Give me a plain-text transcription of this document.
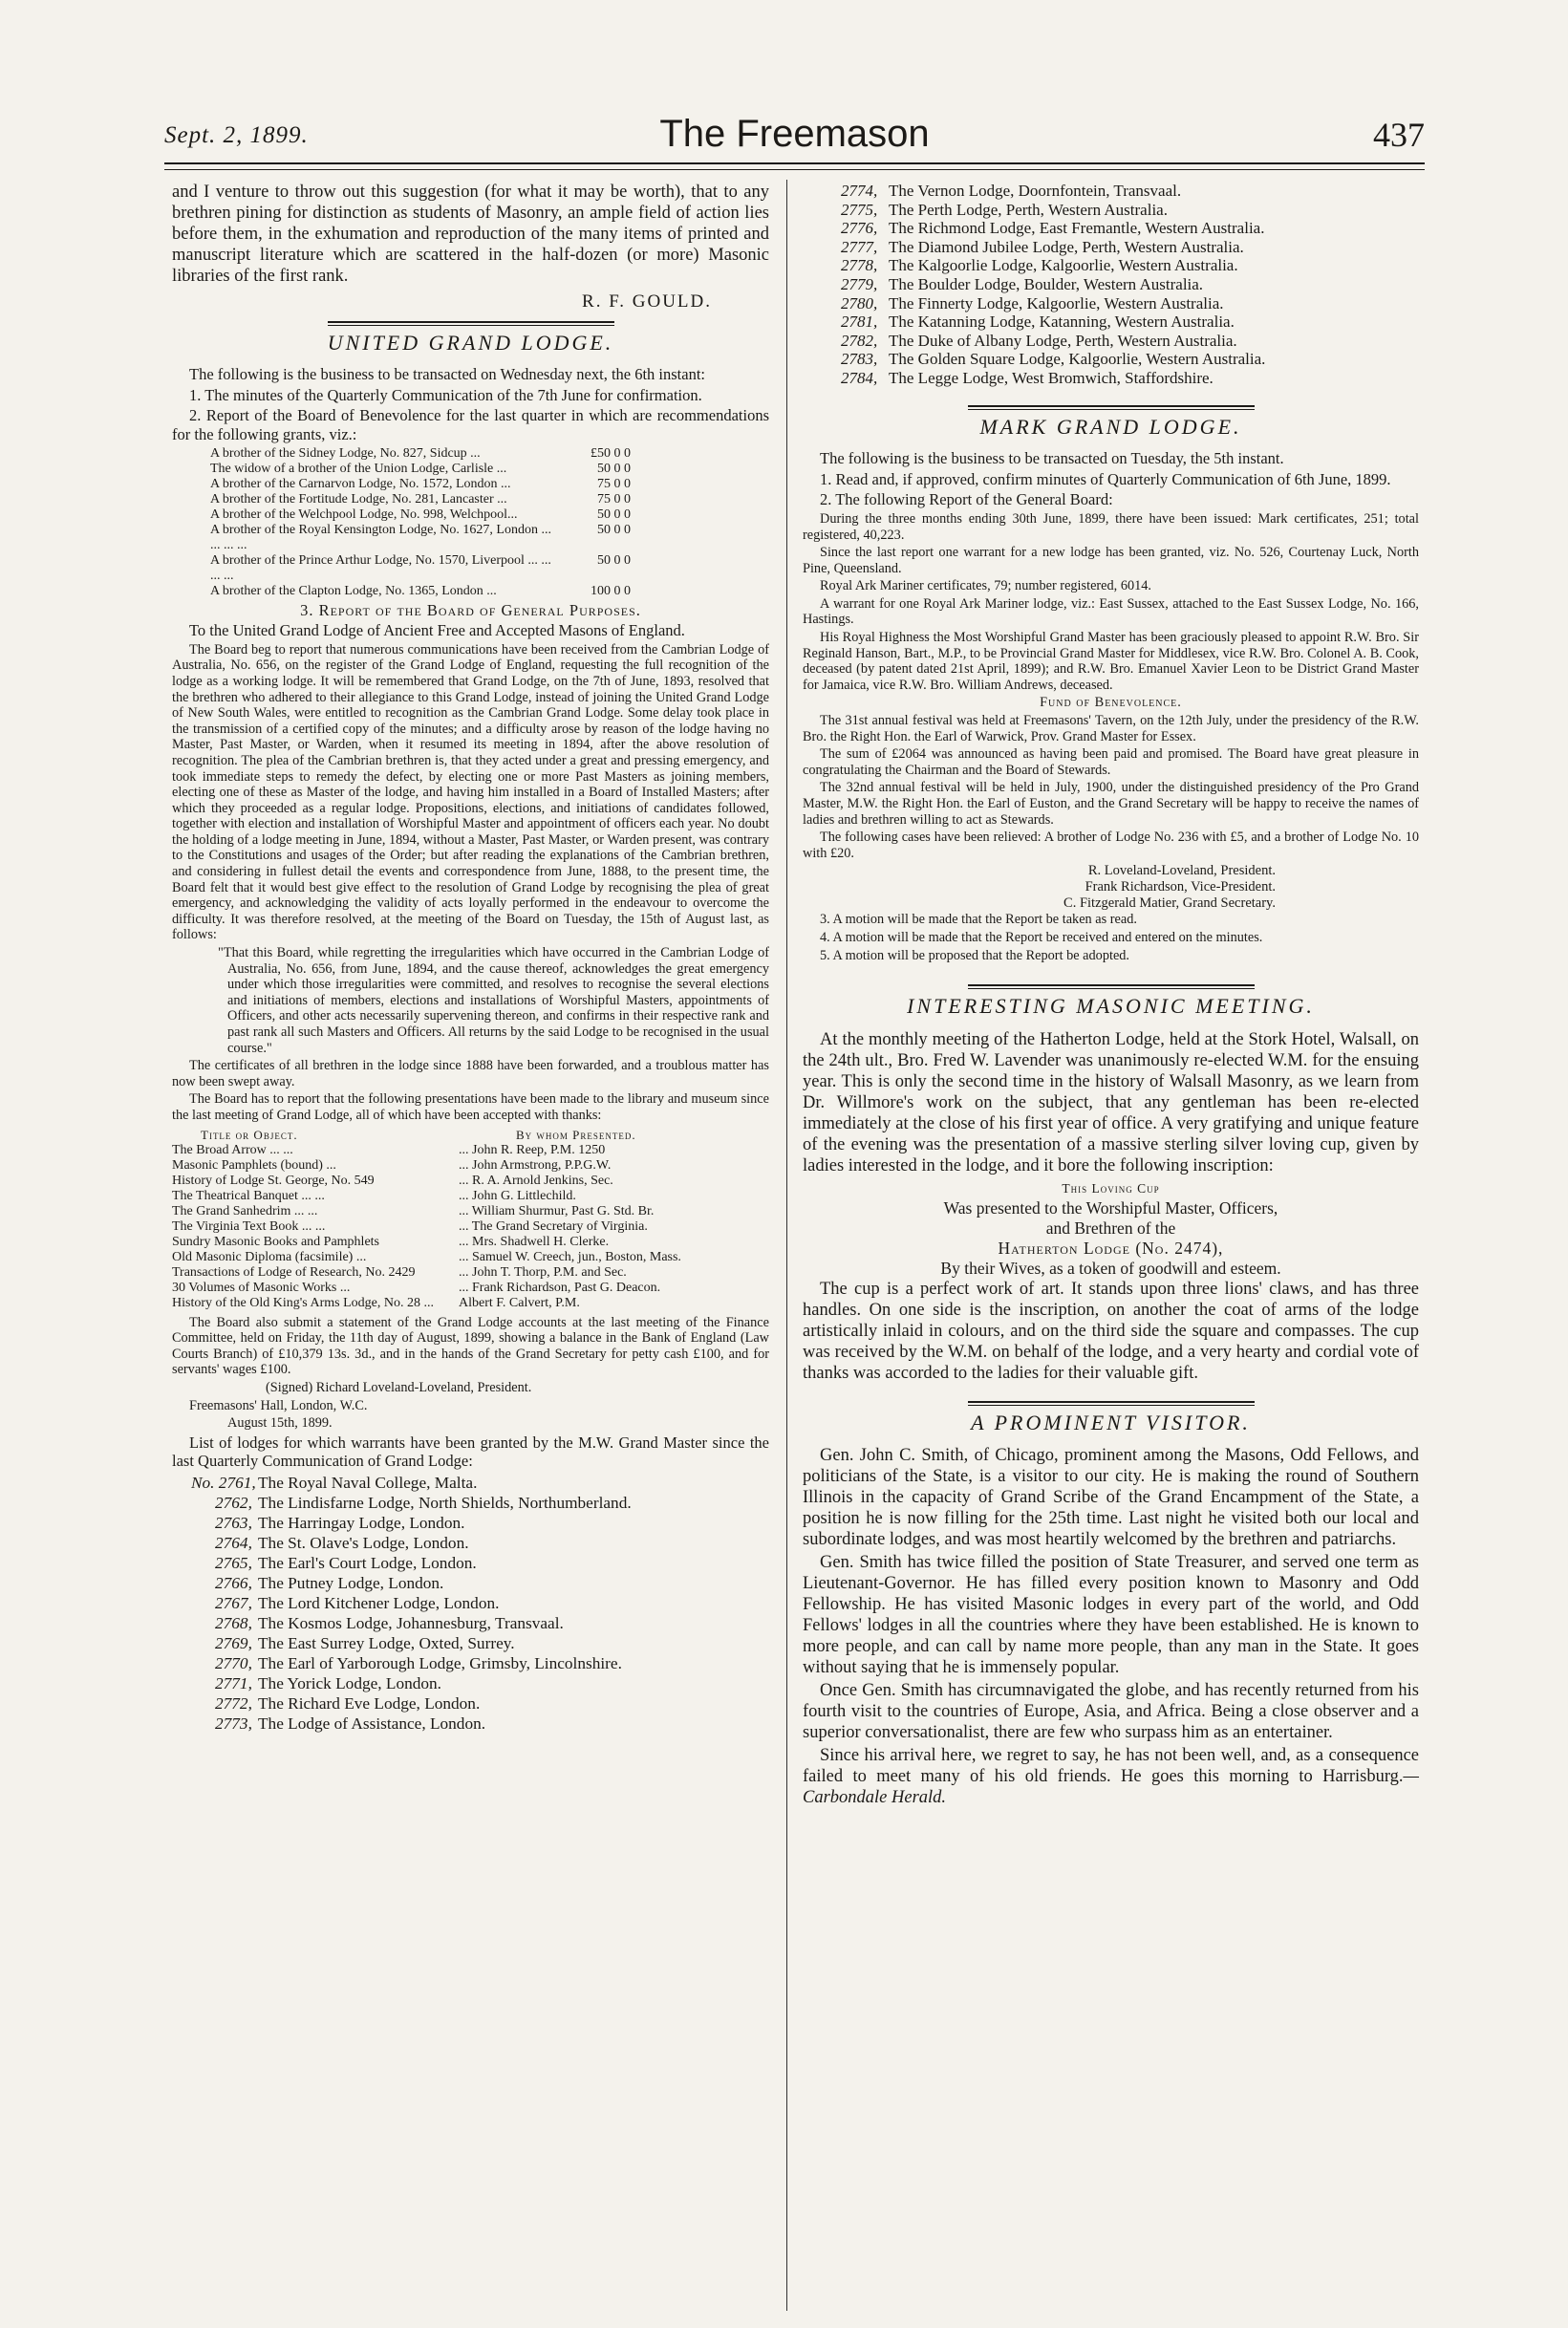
Sept. 2, 1899.	The Freemason	437

and I venture to throw out this suggestion (for what it may be worth), that to any brethren pining for distinction as students of Masonry, an ample field of action lies before them, in the exhumation and reproduction of the many items of printed and manuscript literature which are scattered in the half-dozen (or more) Masonic libraries of the first rank.

R. F. GOULD.
UNITED GRAND LODGE.

The following is the business to be transacted on Wednesday next, the 6th instant:

1. The minutes of the Quarterly Communication of the 7th June for confirmation.

2. Report of the Board of Benevolence for the last quarter in which are recommendations for the following grants, viz.:

A brother of the Sidney Lodge, No. 827, Sidcup ...	£50 0 0
The widow of a brother of the Union Lodge, Carlisle ...	50 0 0
A brother of the Carnarvon Lodge, No. 1572, London ...	75 0 0
A brother of the Fortitude Lodge, No. 281, Lancaster ...	75 0 0
A brother of the Welchpool Lodge, No. 998, Welchpool...	50 0 0
A brother of the Royal Kensington Lodge, No. 1627, London ... ... ... ...
50 0 0
A brother of the Prince Arthur Lodge, No. 1570, Liverpool ... ... ... ...
50 0 0
A brother of the Clapton Lodge, No. 1365, London ...	100 0 0

3. Report of the Board of General Purposes.

To the United Grand Lodge of Ancient Free and Accepted Masons of England.

The Board beg to report that numerous communications have been received from the Cambrian Lodge of Australia, No. 656, on the register of the Grand Lodge of England, requesting the full recognition of the lodge as a working lodge. It will be remembered that Grand Lodge, on the 7th of June, 1893, resolved that the brethren who adhered to their allegiance to this Grand Lodge, instead of joining the United Grand Lodge of New South Wales, were entitled to recognition as the Cambrian Grand Lodge. Some delay took place in the transmission of a certified copy of the minutes; and a difficulty arose by reason of the lodge having no Master, Past Master, or Warden, when it resumed its meeting in 1894, after the above resolution of recognition. The plea of the Cambrian brethren is, that they acted under a great and pressing emergency, and took immediate steps to remedy the defect, by electing one or more Past Masters as joining members, electing one of these as Master of the lodge, and having him installed in a Board of Installed Masters; after which they proceeded as a regular lodge. Propositions, elections, and initiations of candidates followed, together with election and installation of Worshipful Master and appointment of officers each year. No doubt the holding of a lodge meeting in June, 1894, without a Master, Past Master, or Warden present, was contrary to the Constitutions and usages of the Order; but after reading the explanations of the Cambrian brethren, and considering in fullest detail the events and correspondence from June, 1888, to the present time, the Board felt that it would best give effect to the resolution of Grand Lodge by recognising the plea of great emergency, and acknowledging the validity of acts loyally performed in the endeavour to overcome the difficulty. It was therefore resolved, at the meeting of the Board on Tuesday, the 15th of August last, as follows:

"That this Board, while regretting the irregularities which have occurred in the Cambrian Lodge of Australia, No. 656, from June, 1894, and the cause thereof, acknowledges the great emergency under which those irregularities were committed, and resolves to recognise the several elections and initiations of members, elections and installations of Worshipful Masters, appointments of Officers, and other acts necessarily supervening thereon, and confirms in their respective rank and past rank all such Masters and Officers. All returns by the said Lodge to be recognised in the usual course."

The certificates of all brethren in the lodge since 1888 have been forwarded, and a troublous matter has now been swept away.

The Board has to report that the following presentations have been made to the library and museum since the last meeting of Grand Lodge, all of which have been accepted with thanks:

Title or Object.	By whom Presented.
The Broad Arrow ... ...	... John R. Reep, P.M. 1250
Masonic Pamphlets (bound) ...	... John Armstrong, P.P.G.W.
History of Lodge St. George, No. 549	... R. A. Arnold Jenkins, Sec.
The Theatrical Banquet ... ...	... John G. Littlechild.
The Grand Sanhedrim ... ...	... William Shurmur, Past G. Std. Br.
The Virginia Text Book ... ...	... The Grand Secretary of Virginia.
Sundry Masonic Books and Pamphlets	... Mrs. Shadwell H. Clerke.
Old Masonic Diploma (facsimile) ...	... Samuel W. Creech, jun., Boston, Mass.
Transactions of Lodge of Research, No. 2429	... John T. Thorp, P.M. and Sec.
30 Volumes of Masonic Works ...	... Frank Richardson, Past G. Deacon.
History of the Old King's Arms Lodge, No. 28 ...	Albert F. Calvert, P.M.

The Board also submit a statement of the Grand Lodge accounts at the last meeting of the Finance Committee, held on Friday, the 11th day of August, 1899, showing a balance in the Bank of England (Law Courts Branch) of £10,379 13s. 3d., and in the hands of the Grand Secretary for petty cash £100, and for servants' wages £100.

(Signed) Richard Loveland-Loveland, President.

Freemasons' Hall, London, W.C.

August 15th, 1899.

List of lodges for which warrants have been granted by the M.W. Grand Master since the last Quarterly Communication of Grand Lodge:

No. 2761, The Royal Naval College, Malta.
2762, The Lindisfarne Lodge, North Shields, Northumberland.
2763, The Harringay Lodge, London.
2764, The St. Olave's Lodge, London.
2765, The Earl's Court Lodge, London.
2766, The Putney Lodge, London.
2767, The Lord Kitchener Lodge, London.
2768, The Kosmos Lodge, Johannesburg, Transvaal.
2769, The East Surrey Lodge, Oxted, Surrey.
2770, The Earl of Yarborough Lodge, Grimsby, Lincolnshire.
2771, The Yorick Lodge, London.
2772, The Richard Eve Lodge, London.
2773, The Lodge of Assistance, London.
2774, The Vernon Lodge, Doornfontein, Transvaal.
2775, The Perth Lodge, Perth, Western Australia.
2776, The Richmond Lodge, East Fremantle, Western Australia.
2777, The Diamond Jubilee Lodge, Perth, Western Australia.
2778, The Kalgoorlie Lodge, Kalgoorlie, Western Australia.
2779, The Boulder Lodge, Boulder, Western Australia.
2780, The Finnerty Lodge, Kalgoorlie, Western Australia.
2781, The Katanning Lodge, Katanning, Western Australia.
2782, The Duke of Albany Lodge, Perth, Western Australia.
2783, The Golden Square Lodge, Kalgoorlie, Western Australia.
2784, The Legge Lodge, West Bromwich, Staffordshire.
MARK GRAND LODGE.

The following is the business to be transacted on Tuesday, the 5th instant.

1. Read and, if approved, confirm minutes of Quarterly Communication of 6th June, 1899.

2. The following Report of the General Board:

During the three months ending 30th June, 1899, there have been issued: Mark certificates, 251; total registered, 40,223.

Since the last report one warrant for a new lodge has been granted, viz. No. 526, Courtenay Luck, North Pine, Queensland.

Royal Ark Mariner certificates, 79; number registered, 6014.

A warrant for one Royal Ark Mariner lodge, viz.: East Sussex, attached to the East Sussex Lodge, No. 166, Hastings.

His Royal Highness the Most Worshipful Grand Master has been graciously pleased to appoint R.W. Bro. Sir Reginald Hanson, Bart., M.P., to be Provincial Grand Master for Middlesex, vice R.W. Bro. Colonel A. B. Cook, deceased (by patent dated 21st April, 1899); and R.W. Bro. Emanuel Xavier Leon to be District Grand Master for Jamaica, vice R.W. Bro. William Andrews, deceased.

Fund of Benevolence.

The 31st annual festival was held at Freemasons' Tavern, on the 12th July, under the presidency of the R.W. Bro. the Right Hon. the Earl of Warwick, Prov. Grand Master for Essex.

The sum of £2064 was announced as having been paid and promised. The Board have great pleasure in congratulating the Chairman and the Board of Stewards.

The 32nd annual festival will be held in July, 1900, under the distinguished presidency of the Pro Grand Master, M.W. the Right Hon. the Earl of Euston, and the Grand Secretary will be happy to receive the names of ladies and brethren willing to act as Stewards.

The following cases have been relieved: A brother of Lodge No. 236 with £5, and a brother of Lodge No. 10 with £20.

R. Loveland-Loveland, President.
Frank Richardson, Vice-President.
C. Fitzgerald Matier, Grand Secretary.

3. A motion will be made that the Report be taken as read.

4. A motion will be made that the Report be received and entered on the minutes.

5. A motion will be proposed that the Report be adopted.

INTERESTING MASONIC MEETING.

At the monthly meeting of the Hatherton Lodge, held at the Stork Hotel, Walsall, on the 24th ult., Bro. Fred W. Lavender was unanimously re-elected W.M. for the ensuing year. This is only the second time in the history of Walsall Masonry, as we learn from Dr. Willmore's work on the subject, that any gentleman has been re-elected immediately at the close of his first year of office. A very gratifying and unique feature of the evening was the presentation of a massive sterling silver loving cup, given by ladies interested in the lodge, and it bore the following inscription:

This Loving Cup
Was presented to the Worshipful Master, Officers,
and Brethren of the
Hatherton Lodge (No. 2474),
By their Wives, as a token of goodwill and esteem.

The cup is a perfect work of art. It stands upon three lions' claws, and has three handles. On one side is the inscription, on another the coat of arms of the lodge artistically inlaid in colours, and on the third side the square and compasses. The cup was received by the W.M. on behalf of the lodge, and a very hearty and cordial vote of thanks was accorded to the ladies for their valuable gift.

A PROMINENT VISITOR.

Gen. John C. Smith, of Chicago, prominent among the Masons, Odd Fellows, and politicians of the State, is a visitor to our city. He is making the round of Southern Illinois in the capacity of Grand Scribe of the Grand Encampment of the State, a position he is now filling for the 25th time. Last night he visited both our local and subordinate lodges, and was most heartily welcomed by the brethren and patriarchs.

Gen. Smith has twice filled the position of State Treasurer, and served one term as Lieutenant-Governor. He has filled every position known to Masonry and Odd Fellowship. He has visited Masonic lodges in every part of the world, and Odd Fellows' lodges in all the countries where they have been established. He is known to more people, and can call by name more people, than any man in the State. It goes without saying that he is immensely popular.

Once Gen. Smith has circumnavigated the globe, and has recently returned from his fourth visit to the countries of Europe, Asia, and Africa. Being a close observer and a superior conversationalist, there are few who surpass him as an entertainer.

Since his arrival here, we regret to say, he has not been well, and, as a consequence failed to meet many of his old friends. He goes this morning to Harrisburg.—Carbondale Herald.
